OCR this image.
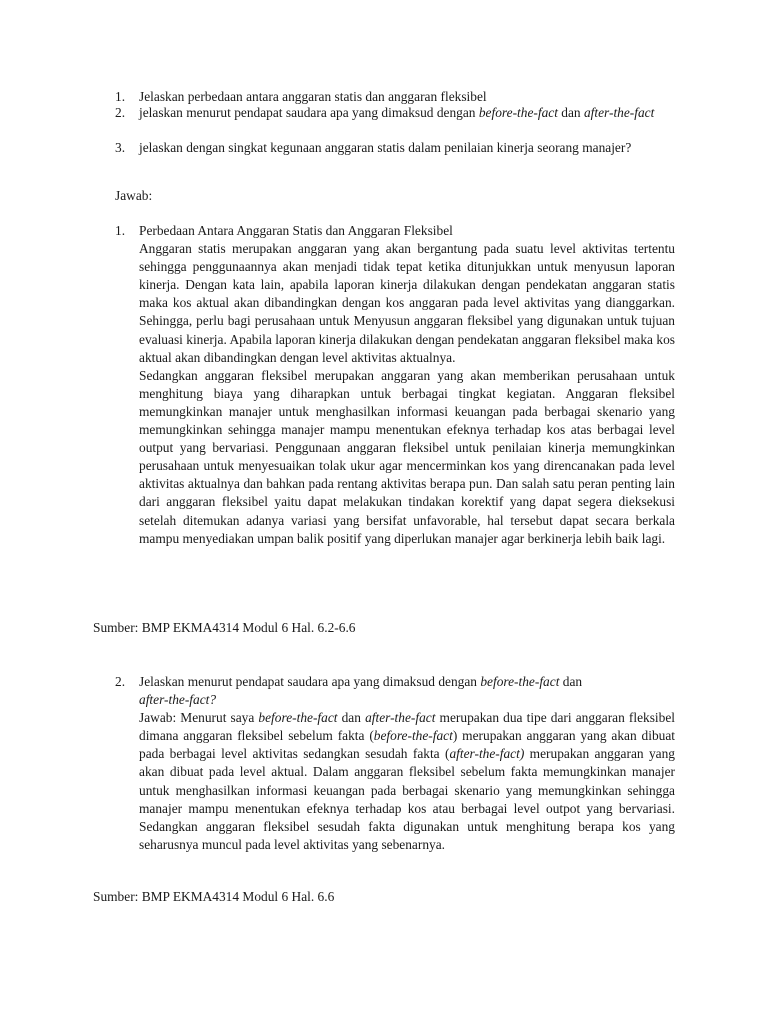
1.	Jelaskan perbedaan antara anggaran statis dan anggaran fleksibel

2.	jelaskan menurut pendapat saudara apa yang dimaksud dengan before-the-fact dan after-the-fact

3.	jelaskan dengan singkat kegunaan anggaran statis dalam penilaian kinerja seorang manajer?

Jawab:
1.	Perbedaan Antara Anggaran Statis dan Anggaran Fleksibel

Anggaran statis merupakan anggaran yang akan bergantung pada suatu level aktivitas tertentu sehingga penggunaannya akan menjadi tidak tepat ketika ditunjukkan untuk menyusun laporan kinerja. Dengan kata lain, apabila laporan kinerja dilakukan dengan pendekatan anggaran statis maka kos aktual akan dibandingkan dengan kos anggaran pada level aktivitas yang dianggarkan. Sehingga, perlu bagi perusahaan untuk Menyusun anggaran fleksibel yang digunakan untuk tujuan evaluasi kinerja. Apabila laporan kinerja dilakukan dengan pendekatan anggaran fleksibel maka kos aktual akan dibandingkan dengan level aktivitas aktualnya.

Sedangkan anggaran fleksibel merupakan anggaran yang akan memberikan perusahaan untuk menghitung biaya yang diharapkan untuk berbagai tingkat kegiatan. Anggaran fleksibel memungkinkan manajer untuk menghasilkan informasi keuangan pada berbagai skenario yang memungkinkan sehingga manajer mampu menentukan efeknya terhadap kos atas berbagai level output yang bervariasi. Penggunaan anggaran fleksibel untuk penilaian kinerja memungkinkan perusahaan untuk menyesuaikan tolak ukur agar mencerminkan kos yang direncanakan pada level aktivitas aktualnya dan bahkan pada rentang aktivitas berapa pun. Dan salah satu peran penting lain dari anggaran fleksibel yaitu dapat melakukan tindakan korektif yang dapat segera dieksekusi setelah ditemukan adanya variasi yang bersifat unfavorable, hal tersebut dapat secara berkala mampu menyediakan umpan balik positif yang diperlukan manajer agar berkinerja lebih baik lagi.

Sumber: BMP EKMA4314 Modul 6 Hal. 6.2-6.6
2.	Jelaskan menurut pendapat saudara apa yang dimaksud dengan before-the-fact dan
after-the-fact?

Jawab: Menurut saya before-the-fact dan after-the-fact merupakan dua tipe dari anggaran fleksibel dimana anggaran fleksibel sebelum fakta (before-the-fact) merupakan anggaran yang akan dibuat pada berbagai level aktivitas sedangkan sesudah fakta (after-the-fact) merupakan anggaran yang akan dibuat pada level aktual. Dalam anggaran fleksibel sebelum fakta memungkinkan manajer untuk menghasilkan informasi keuangan pada berbagai skenario yang memungkinkan sehingga manajer mampu menentukan efeknya terhadap kos atau berbagai level outpot yang bervariasi. Sedangkan anggaran fleksibel sesudah fakta digunakan untuk menghitung berapa kos yang seharusnya muncul pada level aktivitas yang sebenarnya.

Sumber: BMP EKMA4314 Modul 6 Hal. 6.6
